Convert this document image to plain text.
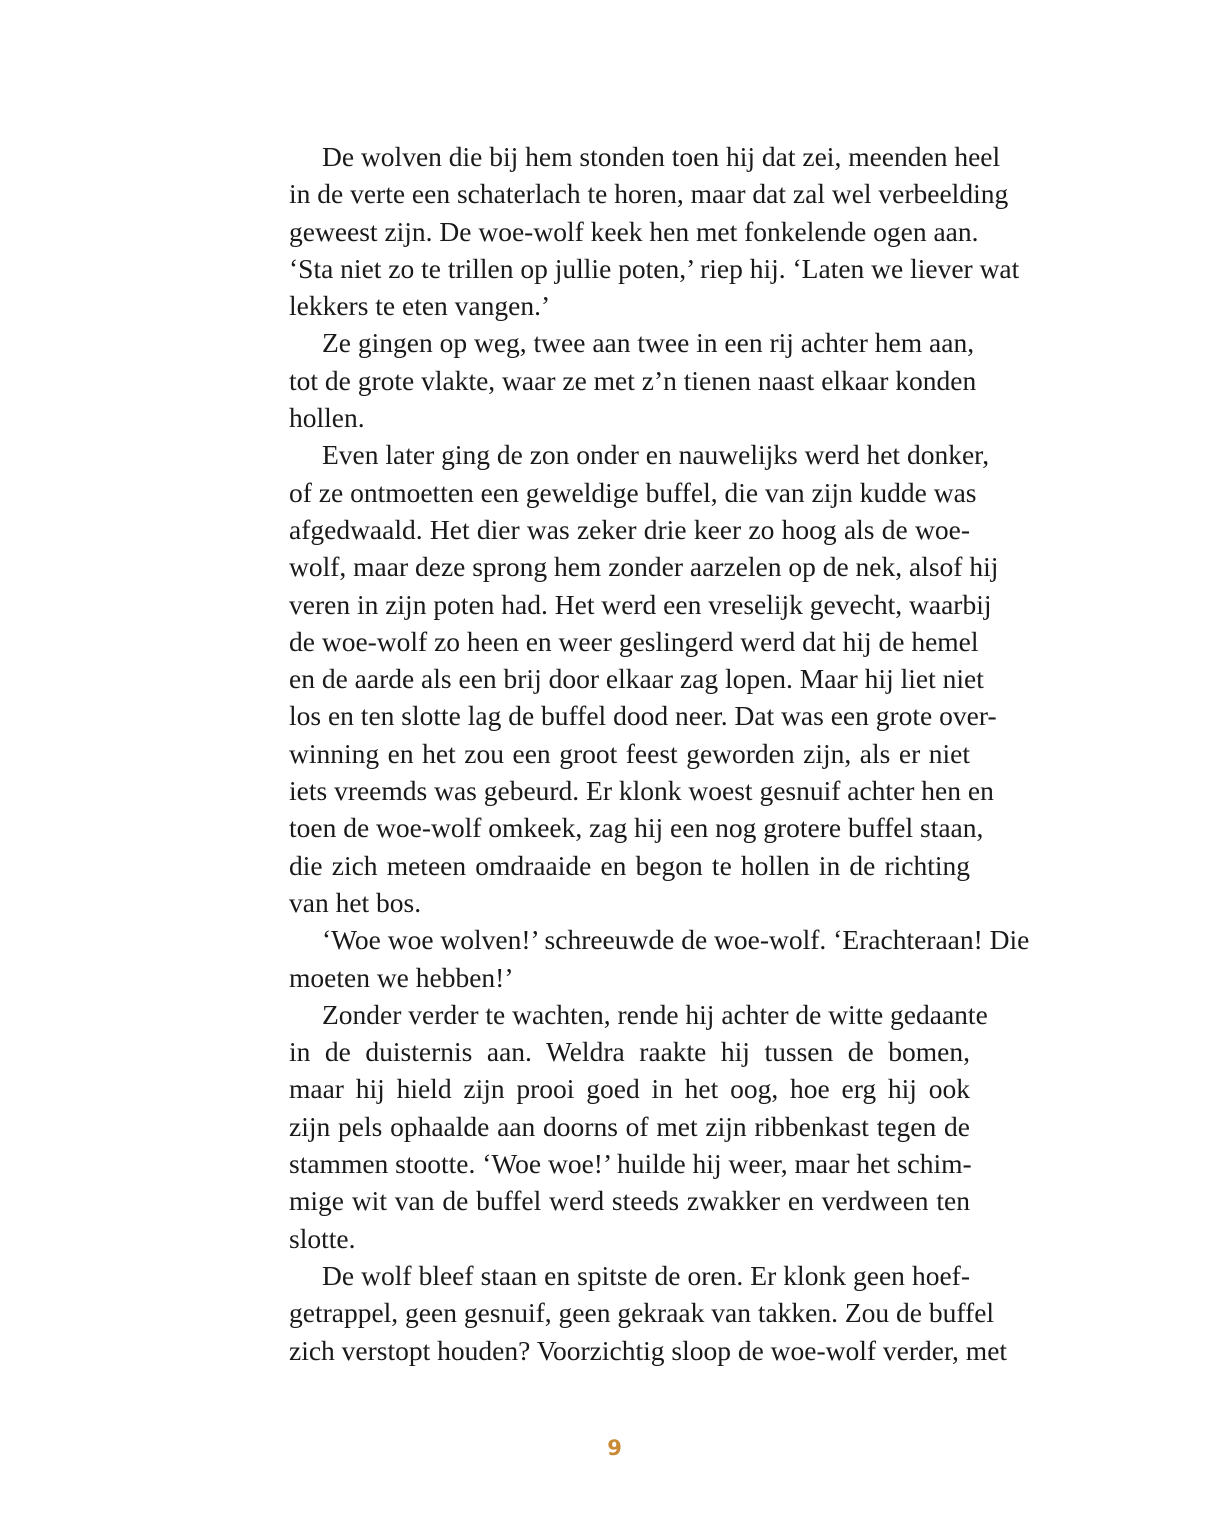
De wolven die bij hem stonden toen hij dat zei, meenden heel
in de verte een schaterlach te horen, maar dat zal wel verbeelding
geweest zijn. De woe-wolf keek hen met fonkelende ogen aan.
‘Sta niet zo te trillen op jullie poten,’ riep hij. ‘Laten we liever wat
lekkers te eten vangen.’
Ze gingen op weg, twee aan twee in een rij achter hem aan,
tot de grote vlakte, waar ze met z’n tienen naast elkaar konden
hollen.
Even later ging de zon onder en nauwelijks werd het donker,
of ze ontmoetten een geweldige buffel, die van zijn kudde was
afgedwaald. Het dier was zeker drie keer zo hoog als de woe-
wolf, maar deze sprong hem zonder aarzelen op de nek, alsof hij
veren in zijn poten had. Het werd een vreselijk gevecht, waarbij
de woe-wolf zo heen en weer geslingerd werd dat hij de hemel
en de aarde als een brij door elkaar zag lopen. Maar hij liet niet
los en ten slotte lag de buffel dood neer. Dat was een grote over-
winning en het zou een groot feest geworden zijn, als er niet
iets vreemds was gebeurd. Er klonk woest gesnuif achter hen en
toen de woe-wolf omkeek, zag hij een nog grotere buffel staan,
die zich meteen omdraaide en begon te hollen in de richting
van het bos.
‘Woe woe wolven!’ schreeuwde de woe-wolf. ‘Erachteraan! Die
moeten we hebben!’
Zonder verder te wachten, rende hij achter de witte gedaante
in de duisternis aan. Weldra raakte hij tussen de bomen,
maar hij hield zijn prooi goed in het oog, hoe erg hij ook
zijn pels ophaalde aan doorns of met zijn ribbenkast tegen de
stammen stootte. ‘Woe woe!’ huilde hij weer, maar het schim-
mige wit van de buffel werd steeds zwakker en verdween ten
slotte.
De wolf bleef staan en spitste de oren. Er klonk geen hoef-
getrappel, geen gesnuif, geen gekraak van takken. Zou de buffel
zich verstopt houden? Voorzichtig sloop de woe-wolf verder, met
9
